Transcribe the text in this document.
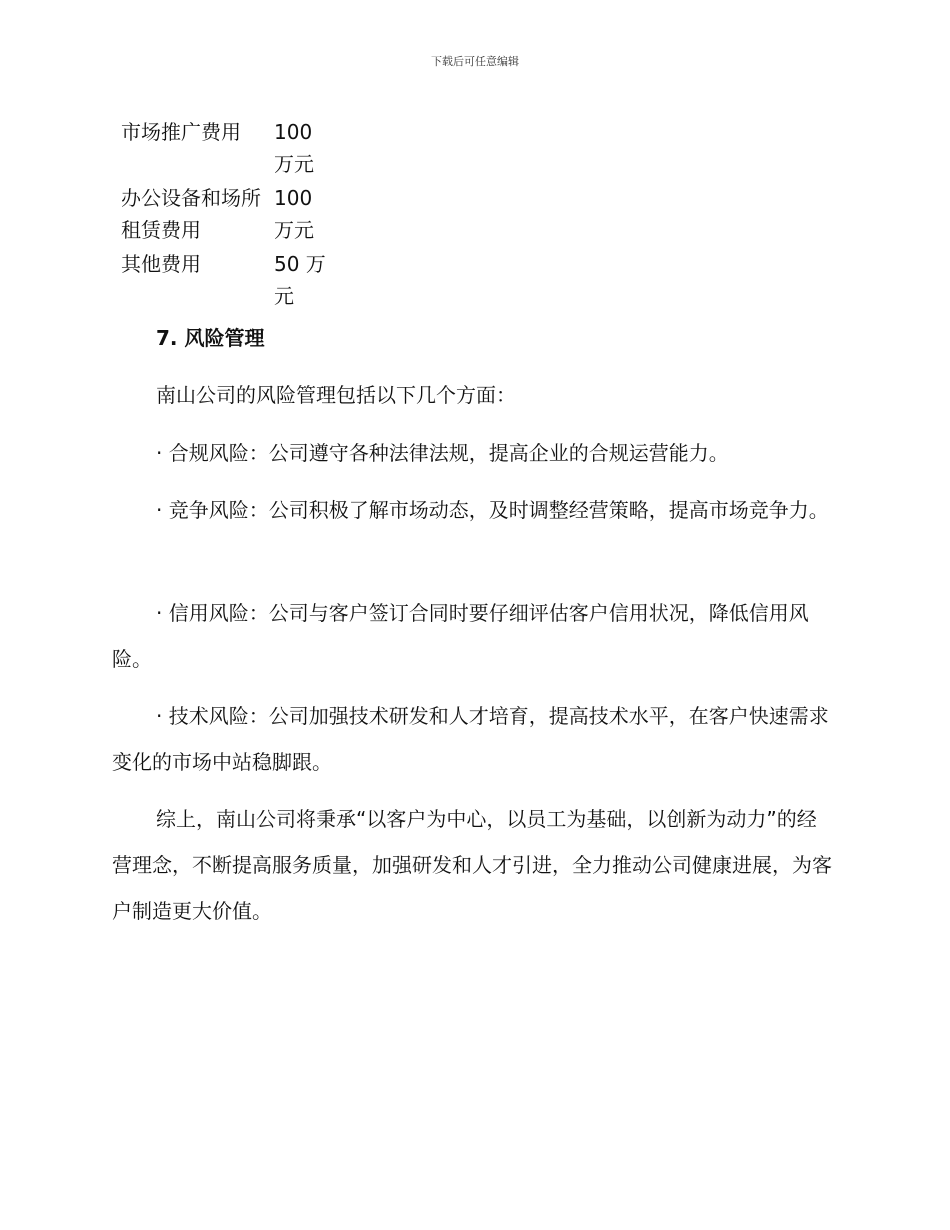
下载后可任意编辑
市场推广费用	100 万元
办公设备和场所租赁费用	100 万元
其他费用	50 万元
7. 风险管理

南山公司的风险管理包括以下几个方面：

· 合规风险：公司遵守各种法律法规，提高企业的合规运营能力。

· 竞争风险：公司积极了解市场动态，及时调整经营策略，提高市场竞争力。

· 信用风险：公司与客户签订合同时要仔细评估客户信用状况，降低信用风险。

· 技术风险：公司加强技术研发和人才培育，提高技术水平，在客户快速需求变化的市场中站稳脚跟。

综上，南山公司将秉承“以客户为中心，以员工为基础，以创新为动力”的经营理念，不断提高服务质量，加强研发和人才引进，全力推动公司健康进展，为客户制造更大价值。
